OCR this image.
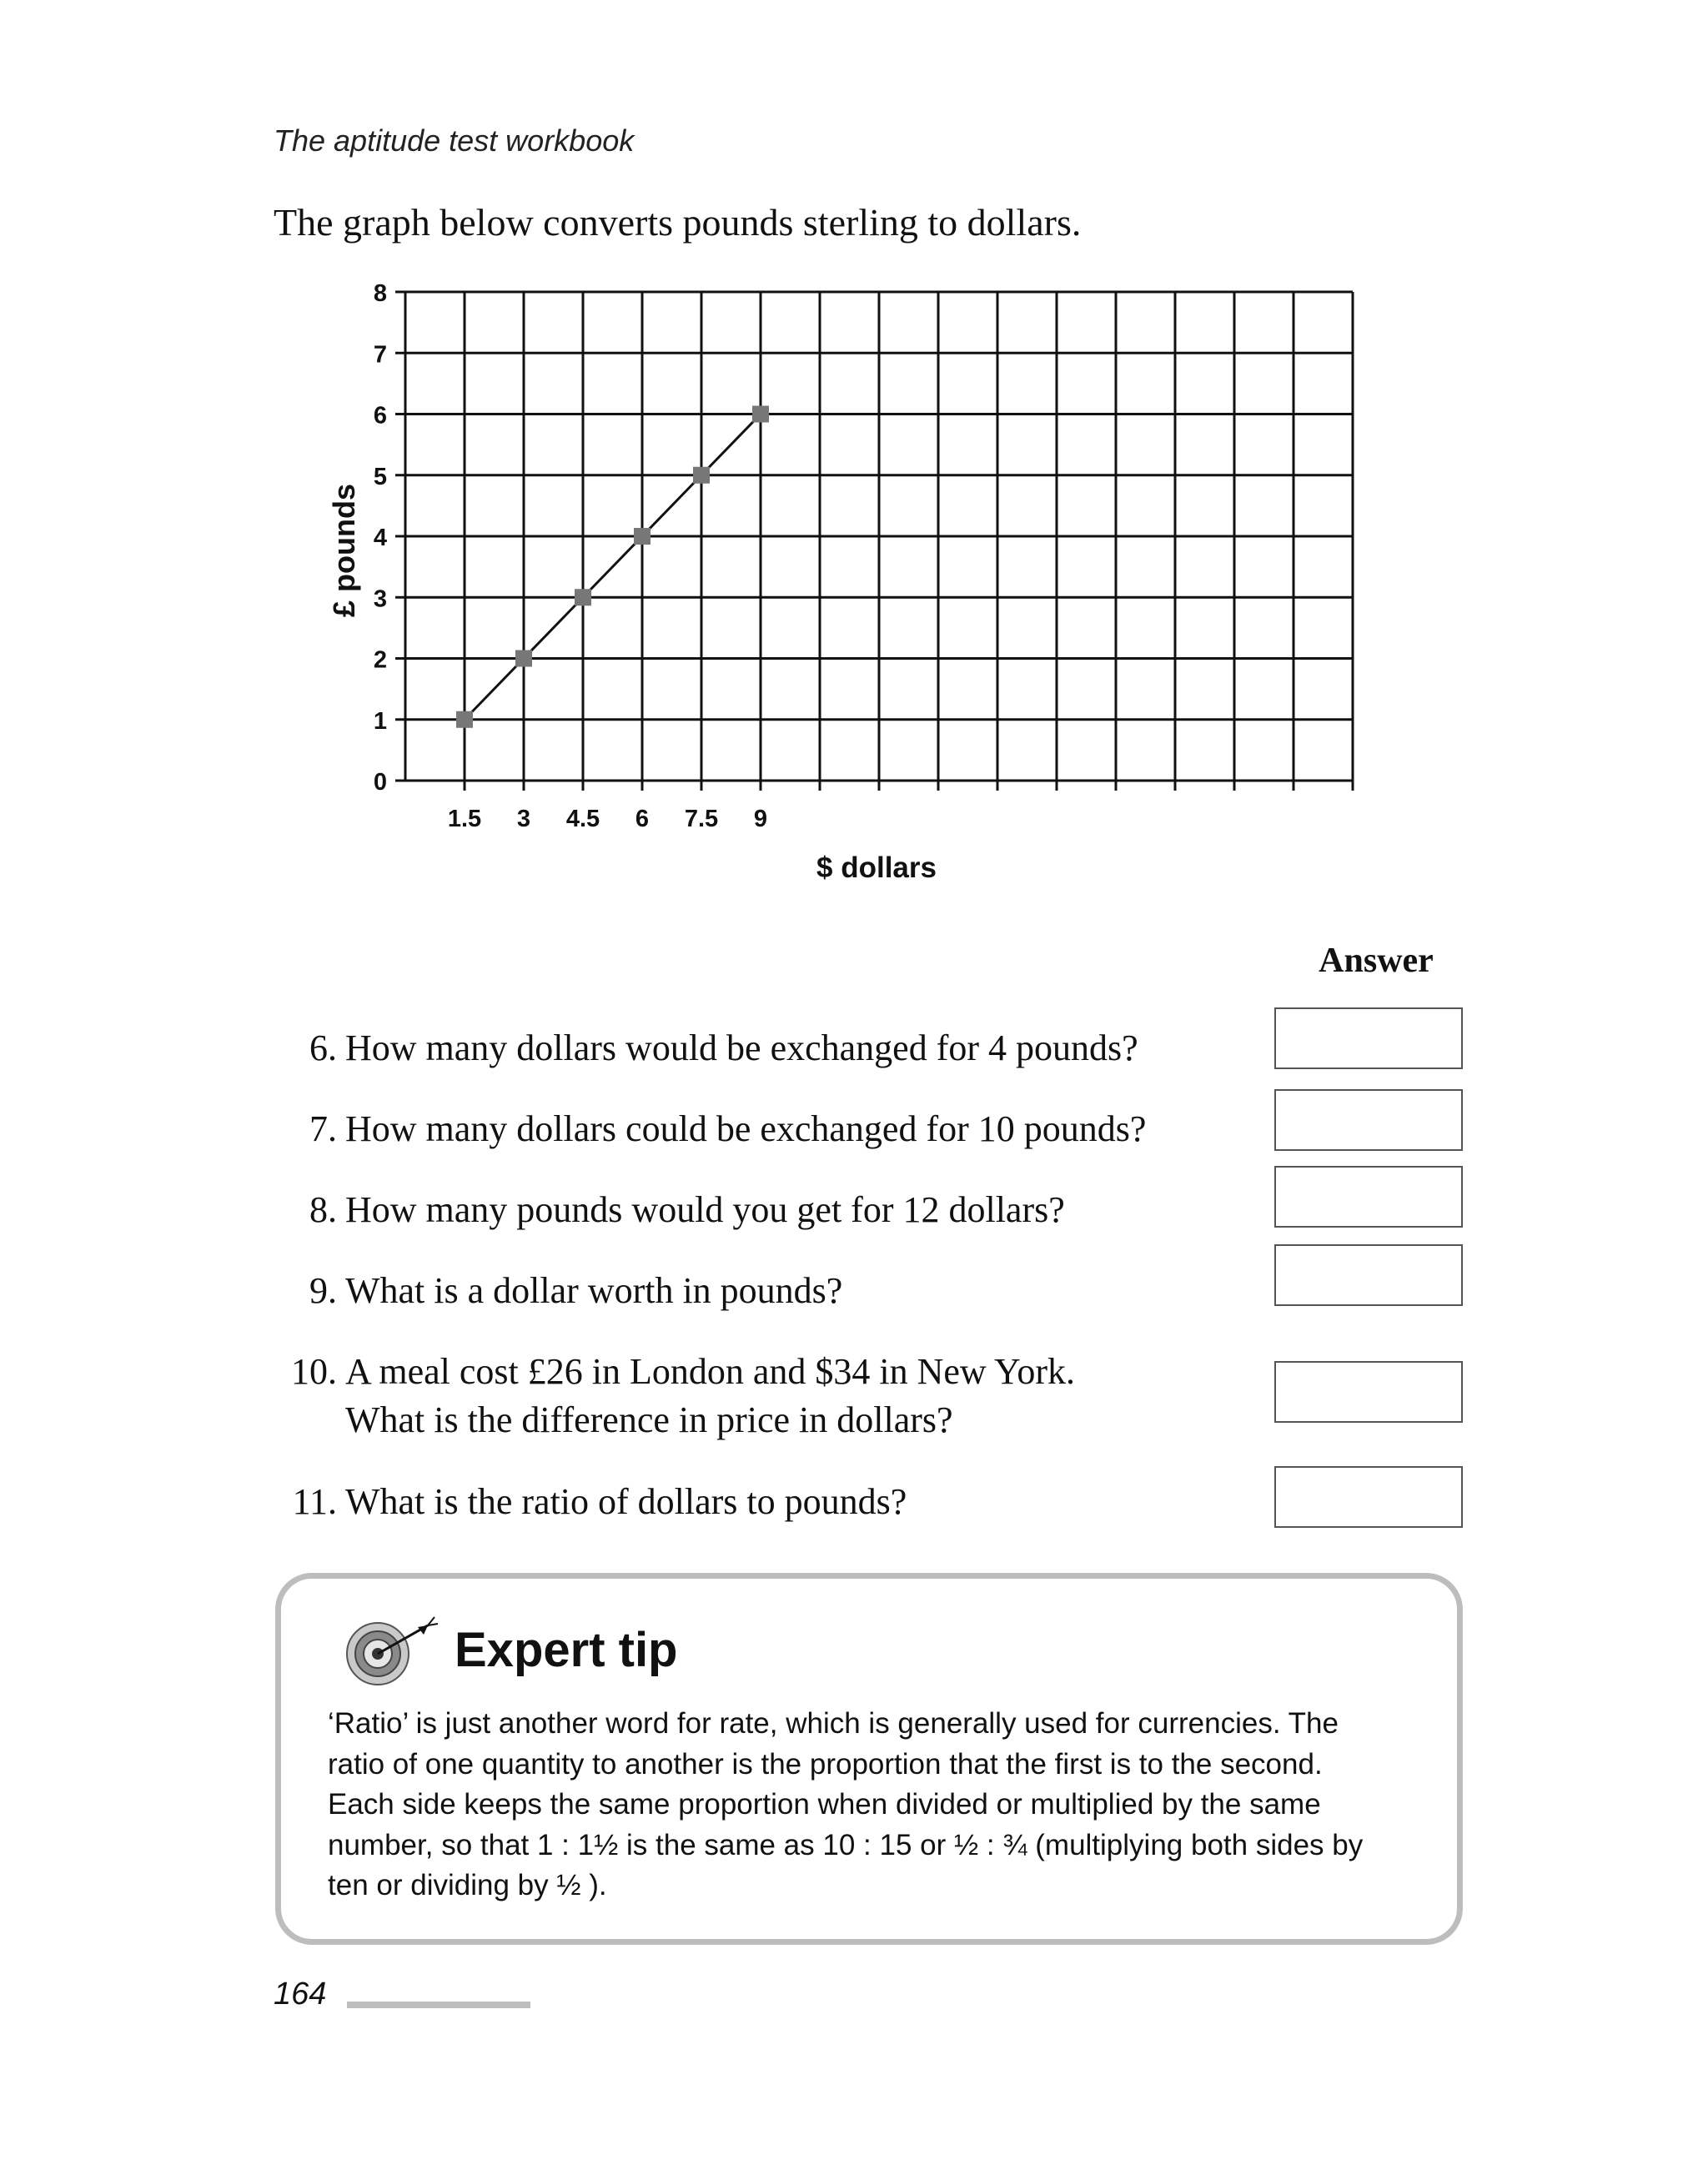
The aptitude test workbook
The graph below converts pounds sterling to dollars.
0
1
2
3
4
5
6
7
8
1.5 3 4.5 6 7.5 9
£ pounds
$ dollars
Answer
6. How many dollars would be exchanged for 4 pounds?
7. How many dollars could be exchanged for 10 pounds?
8. How many pounds would you get for 12 dollars?
9. What is a dollar worth in pounds?
10. A meal cost £26 in London and $34 in New York.
What is the difference in price in dollars?
11. What is the ratio of dollars to pounds?
Expert tip
‘Ratio’ is just another word for rate, which is generally used for currencies. The
ratio of one quantity to another is the proportion that the first is to the second.
Each side keeps the same proportion when divided or multiplied by the same
number, so that 1 : 1½ is the same as 10 : 15 or ½ : ¾ (multiplying both sides by
ten or dividing by ½ ).
164
